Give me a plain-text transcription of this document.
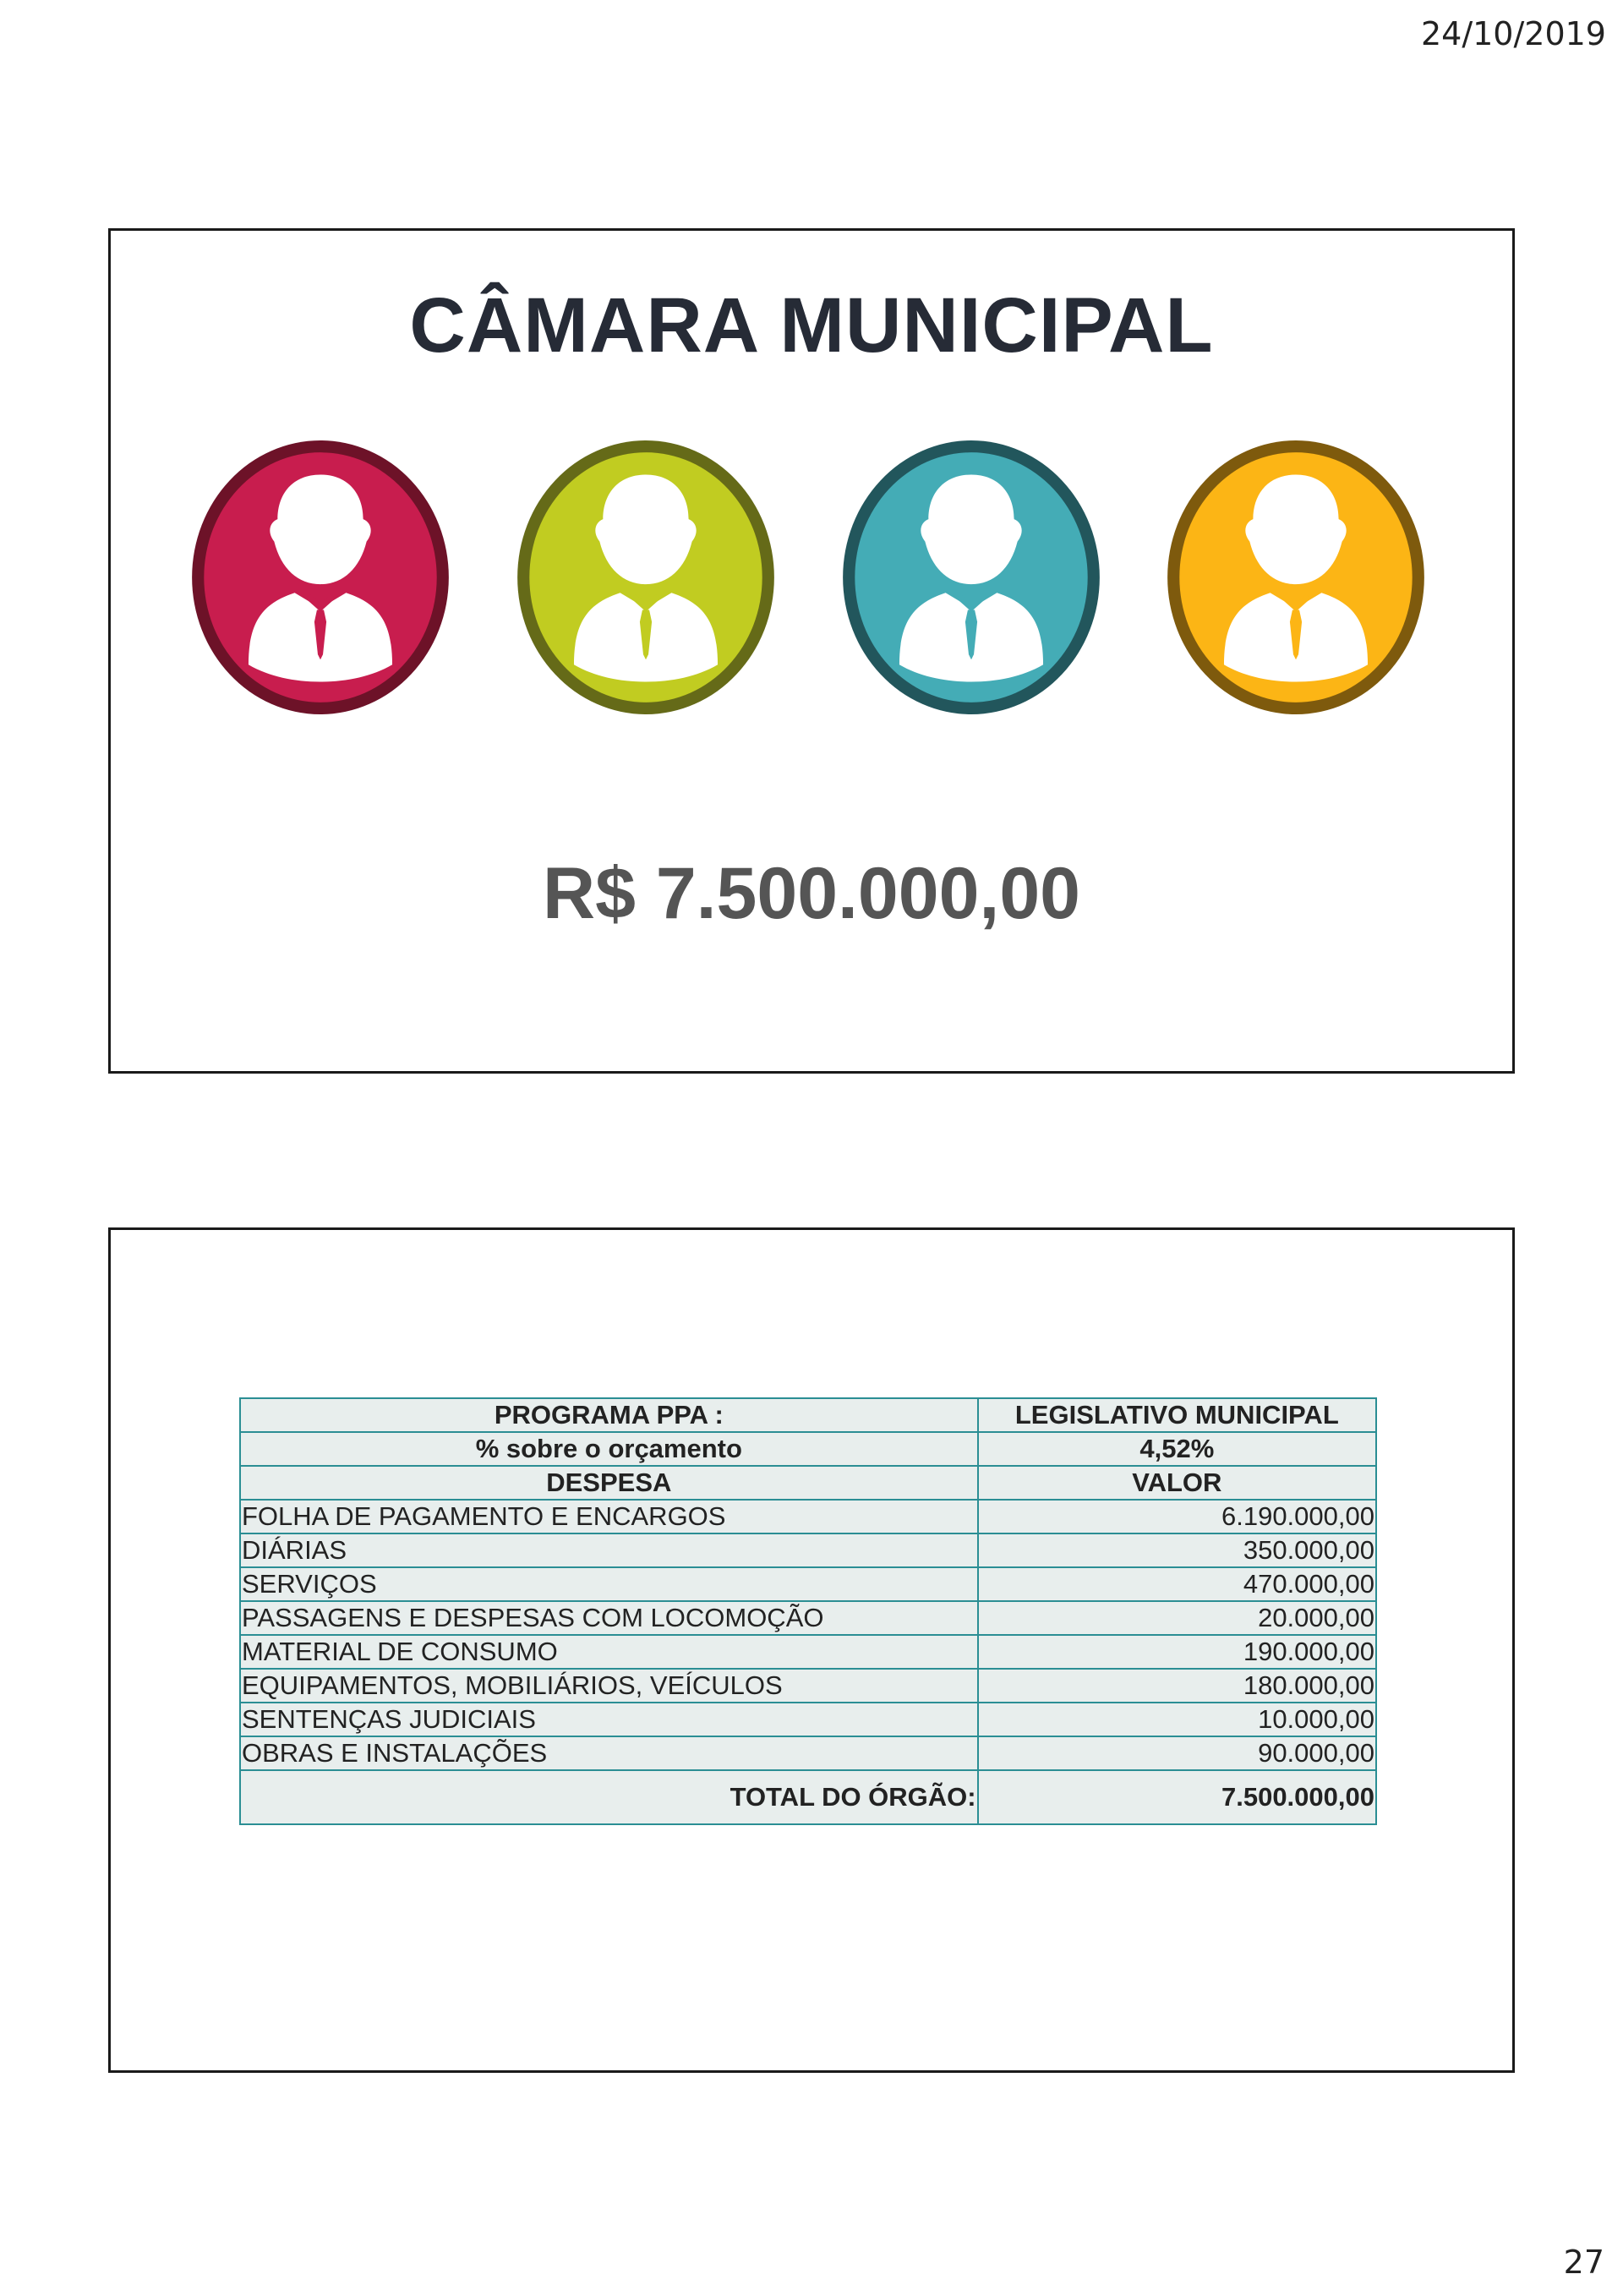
24/10/2019
CÂMARA MUNICIPAL
R$ 7.500.000,00
PROGRAMA PPA :	LEGISLATIVO MUNICIPAL
% sobre o orçamento	4,52%
DESPESA	VALOR
FOLHA DE PAGAMENTO E ENCARGOS	6.190.000,00
DIÁRIAS	350.000,00
SERVIÇOS	470.000,00
PASSAGENS E DESPESAS COM LOCOMOÇÃO	20.000,00
MATERIAL DE CONSUMO	190.000,00
EQUIPAMENTOS, MOBILIÁRIOS, VEÍCULOS	180.000,00
SENTENÇAS JUDICIAIS	10.000,00
OBRAS E INSTALAÇÕES	90.000,00
TOTAL DO ÓRGÃO:	7.500.000,00
27
